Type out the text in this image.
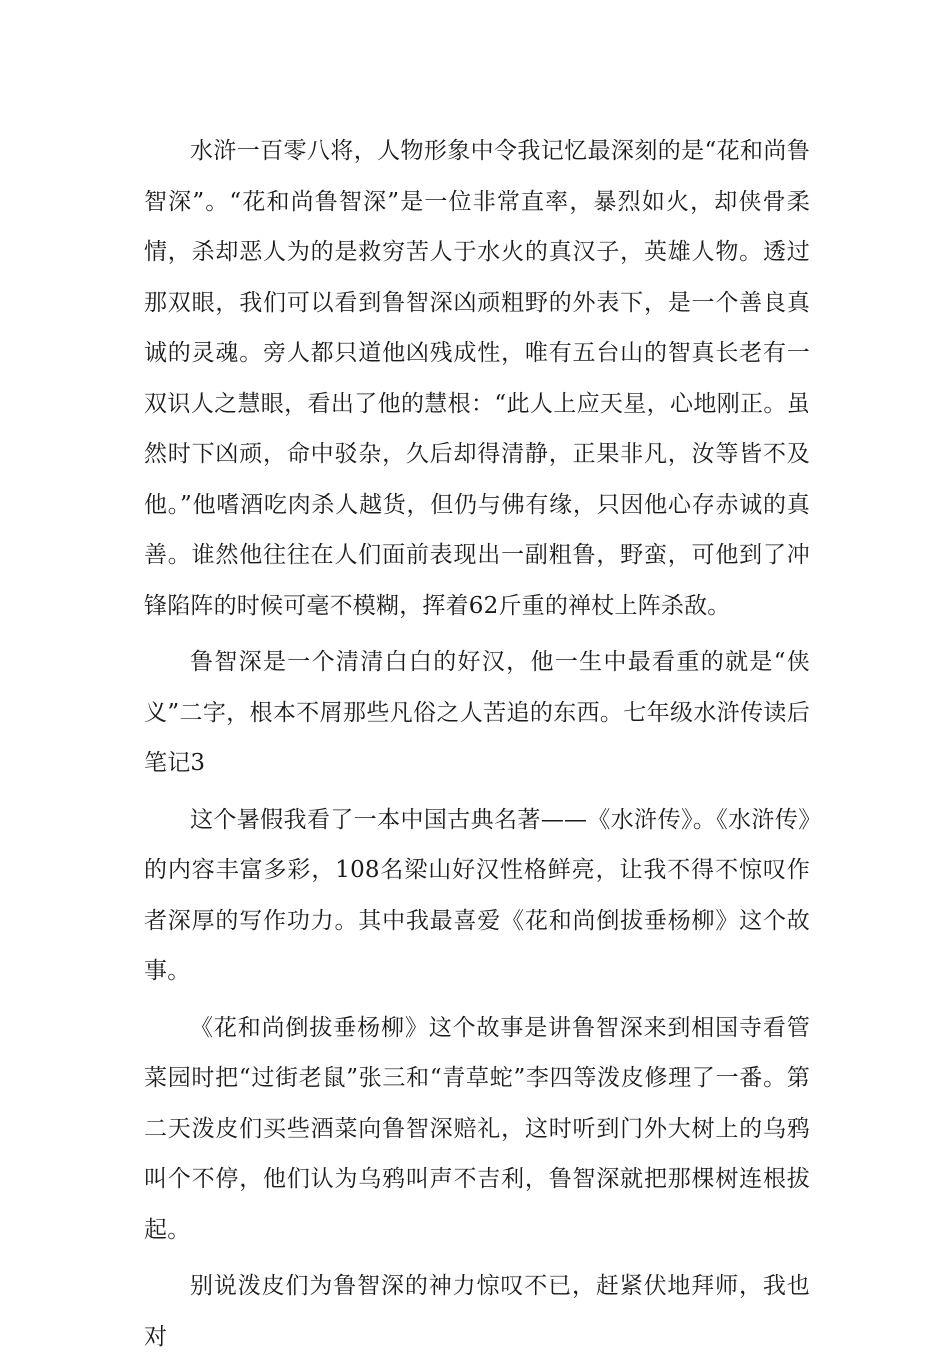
水浒一百零八将，人物形象中令我记忆最深刻的是“花和尚鲁智深”。“花和尚鲁智深”是一位非常直率，暴烈如火，却侠骨柔情，杀却恶人为的是救穷苦人于水火的真汉子，英雄人物。透过那双眼，我们可以看到鲁智深凶顽粗野的外表下，是一个善良真诚的灵魂。旁人都只道他凶残成性，唯有五台山的智真长老有一双识人之慧眼，看出了他的慧根：“此人上应天星，心地刚正。虽然时下凶顽，命中驳杂，久后却得清静，正果非凡，汝等皆不及他。”他嗜酒吃肉杀人越货，但仍与佛有缘，只因他心存赤诚的真善。谁然他往往在人们面前表现出一副粗鲁，野蛮，可他到了冲锋陷阵的时候可毫不模糊，挥着62斤重的禅杖上阵杀敌。

鲁智深是一个清清白白的好汉，他一生中最看重的就是“侠义”二字，根本不屑那些凡俗之人苦追的东西。七年级水浒传读后笔记3

这个暑假我看了一本中国古典名著——《水浒传》。《水浒传》的内容丰富多彩，108名梁山好汉性格鲜亮，让我不得不惊叹作者深厚的写作功力。其中我最喜爱《花和尚倒拔垂杨柳》这个故事。

《花和尚倒拔垂杨柳》这个故事是讲鲁智深来到相国寺看管菜园时把“过街老鼠”张三和“青草蛇”李四等泼皮修理了一番。第二天泼皮们买些酒菜向鲁智深赔礼，这时听到门外大树上的乌鸦叫个不停，他们认为乌鸦叫声不吉利，鲁智深就把那棵树连根拔起。

别说泼皮们为鲁智深的神力惊叹不已，赶紧伏地拜师，我也对
